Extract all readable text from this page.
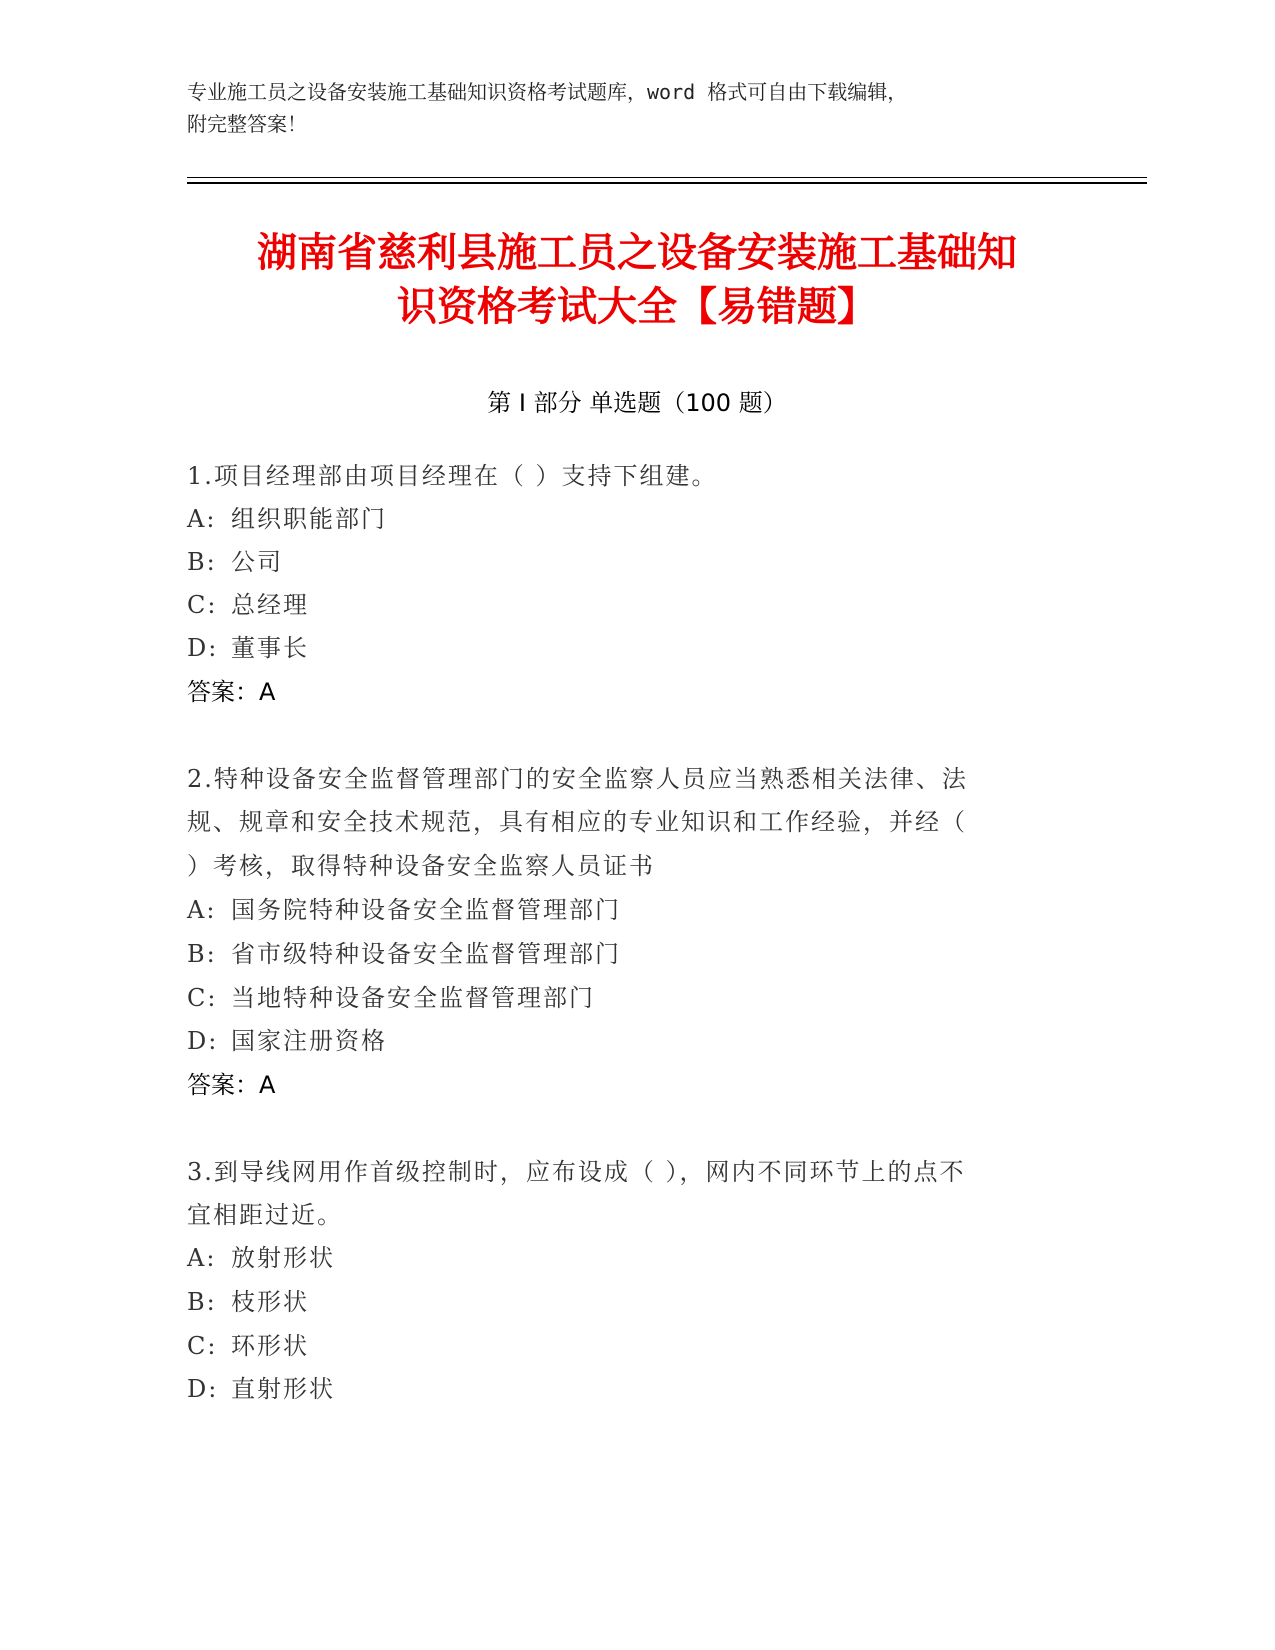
专业施工员之设备安装施工基础知识资格考试题库，word 格式可自由下载编辑，
附完整答案！
湖南省慈利县施工员之设备安装施工基础知
识资格考试大全【易错题】
第 I 部分 单选题（100 题）
1.项目经理部由项目经理在（ ）支持下组建。
A: 组织职能部门
B: 公司
C: 总经理
D: 董事长
答案：A
2.特种设备安全监督管理部门的安全监察人员应当熟悉相关法律、法
规、规章和安全技术规范，具有相应的专业知识和工作经验，并经（
）考核，取得特种设备安全监察人员证书
A: 国务院特种设备安全监督管理部门
B: 省市级特种设备安全监督管理部门
C: 当地特种设备安全监督管理部门
D: 国家注册资格
答案：A
3.到导线网用作首级控制时，应布设成（ ），网内不同环节上的点不
宜相距过近。
A: 放射形状
B: 枝形状
C: 环形状
D: 直射形状
